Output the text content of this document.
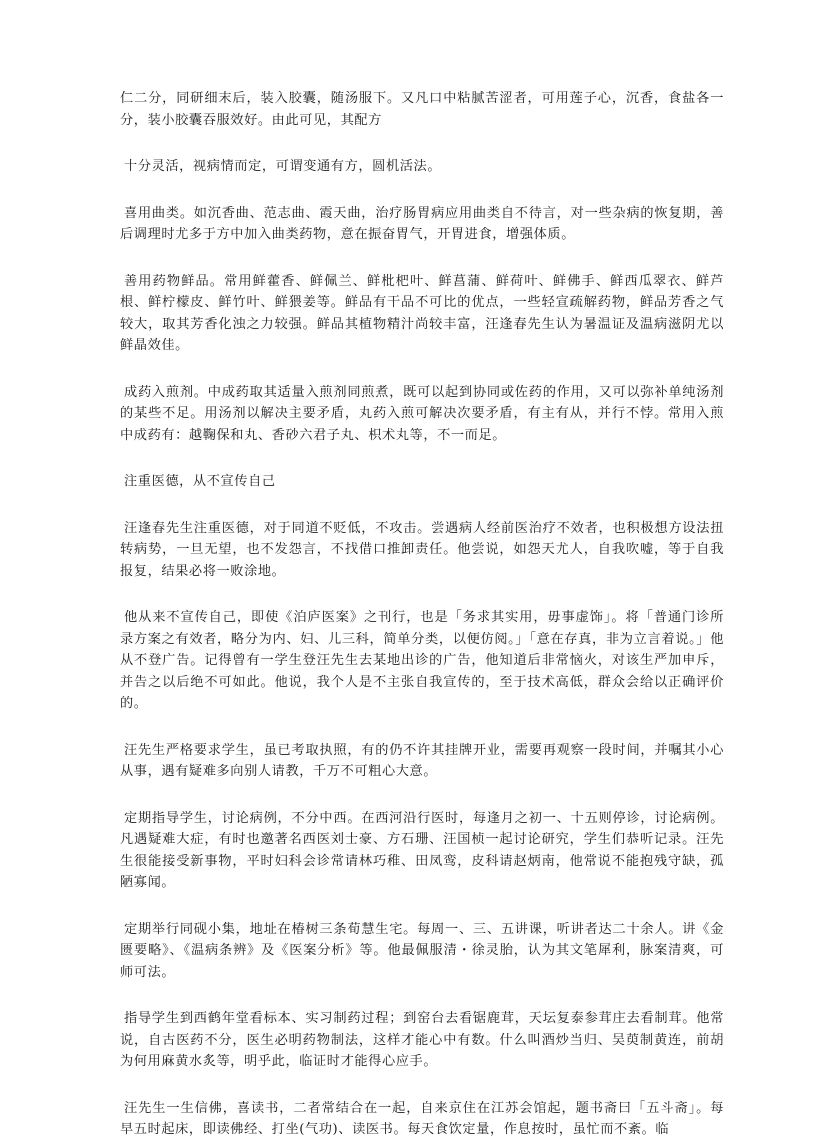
仁二分，同研细末后，装入胶囊，随汤服下。又凡口中粘腻苦涩者，可用莲子心，沉香，食盐各一分，装小胶囊吞服效好。由此可见，其配方

十分灵活，视病情而定，可谓变通有方，圆机活法。

喜用曲类。如沉香曲、范志曲、霞天曲，治疗肠胃病应用曲类自不待言，对一些杂病的恢复期，善后调理时尤多于方中加入曲类药物，意在振奋胃气，开胃进食，增强体质。

善用药物鲜品。常用鲜藿香、鲜佩兰、鲜枇杷叶、鲜菖蒲、鲜荷叶、鲜佛手、鲜西瓜翠衣、鲜芦根、鲜柠檬皮、鲜竹叶、鲜猥姜等。鲜品有干品不可比的优点，一些轻宣疏解药物，鲜品芳香之气较大，取其芳香化浊之力较强。鲜品其植物精汁尚较丰富，汪逢春先生认为暑温证及温病滋阴尤以鲜晶效佳。

成药入煎剂。中成药取其适量入煎剂同煎煮，既可以起到协同或佐药的作用，又可以弥补单纯汤剂的某些不足。用汤剂以解决主要矛盾，丸药入煎可解决次要矛盾，有主有从，并行不悖。常用入煎中成药有：越鞠保和丸、香砂六君子丸、枳术丸等，不一而足。

注重医德，从不宣传自己

汪逢春先生注重医德，对于同道不贬低，不攻击。尝遇病人经前医治疗不效者，也积极想方设法扭转病势，一旦无望，也不发怨言，不找借口推卸责任。他尝说，如怨天尤人，自我吹嘘，等于自我报复，结果必将一败涂地。

他从来不宣传自己，即使《泊庐医案》之刊行，也是「务求其实用，毋事虚饰」。将「普通门诊所录方案之有效者，略分为内、妇、儿三科，简单分类，以便仿阅。」「意在存真，非为立言着说。」他从不登广告。记得曾有一学生登汪先生去某地出诊的广告，他知道后非常恼火，对该生严加申斥，并告之以后绝不可如此。他说，我个人是不主张自我宣传的，至于技术高低，群众会给以正确评价的。

汪先生严格要求学生，虽已考取执照，有的仍不许其挂牌开业，需要再观察一段时间，并嘱其小心从事，遇有疑难多向别人请教，千万不可粗心大意。

定期指导学生，讨论病例，不分中西。在西河沿行医时，每逢月之初一、十五则停诊，讨论病例。凡遇疑难大症，有时也邀著名西医刘士豪、方石珊、汪国桢一起讨论研究，学生们恭听记录。汪先生很能接受新事物，平时妇科会诊常请林巧稚、田凤鸾，皮科请赵炳南，他常说不能抱残守缺，孤陋寡闻。

定期举行同砚小集，地址在椿树三条荀慧生宅。每周一、三、五讲课，听讲者达二十余人。讲《金匮要略》、《温病条辨》及《医案分析》等。他最佩服清・徐灵胎，认为其文笔犀利，脉案清爽，可师可法。

指导学生到西鹤年堂看标本、实习制药过程；到窑台去看锯鹿茸，天坛复泰参茸庄去看制茸。他常说，自古医药不分，医生必明药物制法，这样才能心中有数。什么叫酒炒当归、吴萸制黄连，前胡为何用麻黄水炙等，明乎此，临证时才能得心应手。

汪先生一生信佛，喜读书，二者常结合在一起，自来京住在江苏会馆起，题书斋曰「五斗斋」。每早五时起床，即读佛经、打坐(气功)、读医书。每天食饮定量，作息按时，虽忙而不紊。临
